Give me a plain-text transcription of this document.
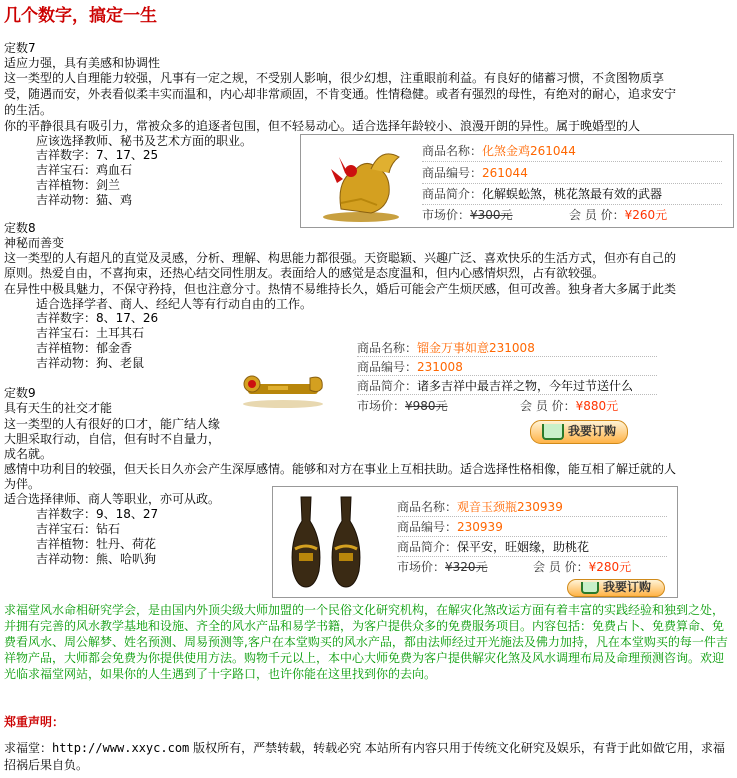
几个数字，搞定一生
定数7
适应力强，具有美感和协调性
这一类型的人自理能力较强，凡事有一定之规，不受别人影响，很少幻想，注重眼前利益。有良好的储蓄习惯，不贪图物质享
受，随遇而安，外表看似柔丰实而温和，内心却非常顽固，不肯变通。性情稳健。或者有强烈的母性，有绝对的耐心，追求安宁
的生活。
你的平静很具有吸引力，常被众多的追逐者包围，但不轻易动心。适合选择年龄较小、浪漫开朗的异性。属于晚婚型的人
应该选择教师、秘书及艺术方面的职业。
吉祥数字：7、17、25
吉祥宝石：鸡血石
吉祥植物：剑兰
吉祥动物：猫、鸡
商品名称：化煞金鸡261044
商品编号：261044
商品简介：化解蜈蚣煞，桃花煞最有效的武器
市场价：¥300元	会 员 价：¥260元
定数8
神秘而善变
这一类型的人有超凡的直觉及灵感，分析、理解、构思能力都很强。天资聪颖、兴趣广泛、喜欢快乐的生活方式，但亦有自己的
原则。热爱自由，不喜拘束，还热心结交同性朋友。表面给人的感觉是态度温和，但内心感情炽烈，占有欲较强。
在异性中极具魅力，不保守矜持，但也注意分寸。热情不易维持长久，婚后可能会产生烦厌感，但可改善。独身者大多属于此类
适合选择学者、商人、经纪人等有行动自由的工作。
吉祥数字：8、17、26
吉祥宝石：土耳其石
吉祥植物：郁金香
吉祥动物：狗、老鼠
商品名称：镏金万事如意231008
商品编号：231008
商品简介：诸多吉祥中最吉祥之物，今年过节送什么
市场价：¥980元	会 员 价：¥880元
我要订购
定数9
具有天生的社交才能
这一类型的人有很好的口才，能广结人缘
大胆采取行动，自信，但有时不自量力，
成名就。
感情中功利目的较强，但天长日久亦会产生深厚感情。能够和对方在事业上互相扶助。适合选择性格相像，能互相了解迁就的人
为伴。
适合选择律师、商人等职业，亦可从政。
吉祥数字：9、18、27
吉祥宝石：钻石
吉祥植物：牡丹、荷花
吉祥动物：熊、哈叭狗
商品名称：观音玉颈瓶230939
商品编号：230939
商品简介：保平安，旺姻缘，助桃花
市场价：¥320元	会 员 价：¥280元
我要订购
求福堂风水命相研究学会，是由国内外顶尖级大师加盟的一个民俗文化研究机构，在解灾化煞改运方面有着丰富的实践经验和独到之处，并拥有完善的风水教学基地和设施、齐全的风水产品和易学书籍，为客户提供众多的免费服务项目。内容包括：免费占卜、免费算命、免费看风水、周公解梦、姓名预测、周易预测等,客户在本堂购买的风水产品，都由法师经过开光施法及佛力加持，凡在本堂购买的每一件吉祥物产品，大师都会免费为你提供使用方法。购物千元以上，本中心大师免费为客户提供解灾化煞及风水调理布局及命理预测咨询。欢迎光临求福堂网站，如果你的人生遇到了十字路口，也许你能在这里找到你的去向。
郑重声明：
求福堂：http://www.xxyc.com 版权所有，严禁转载，转载必究 本站所有内容只用于传统文化研究及娱乐，有背于此如做它用，求福招祸后果自负。
